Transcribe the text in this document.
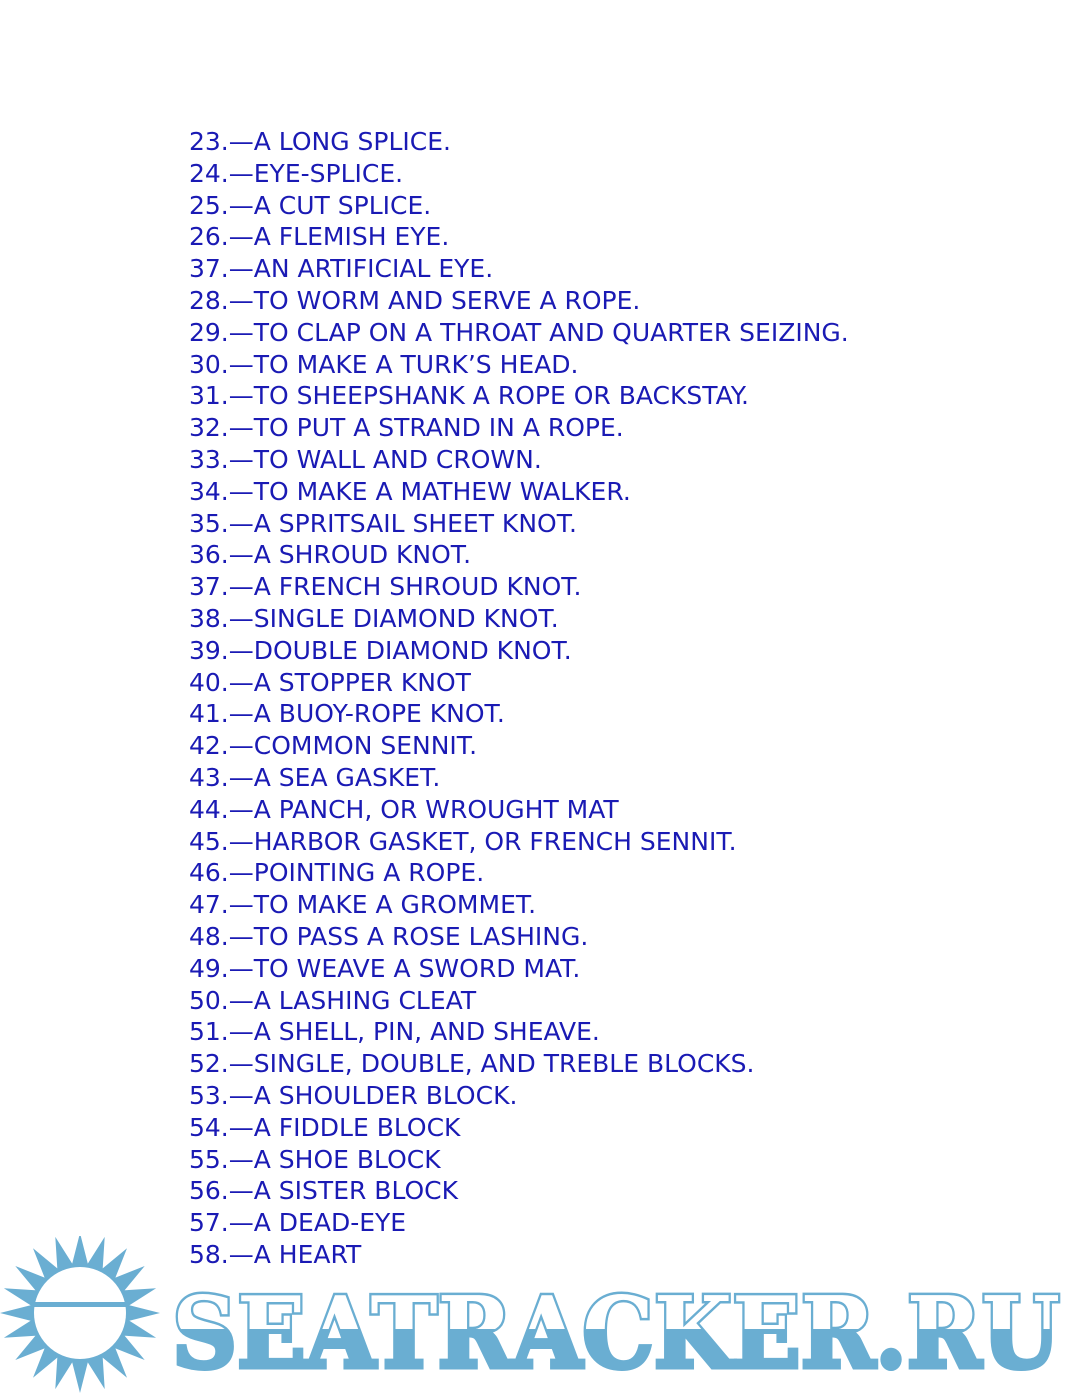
23.—A LONG SPLICE.
24.—EYE-SPLICE.
25.—A CUT SPLICE.
26.—A FLEMISH EYE.
37.—AN ARTIFICIAL EYE.
28.—TO WORM AND SERVE A ROPE.
29.—TO CLAP ON A THROAT AND QUARTER SEIZING.
30.—TO MAKE A TURK’S HEAD.
31.—TO SHEEPSHANK A ROPE OR BACKSTAY.
32.—TO PUT A STRAND IN A ROPE.
33.—TO WALL AND CROWN.
34.—TO MAKE A MATHEW WALKER.
35.—A SPRITSAIL SHEET KNOT.
36.—A SHROUD KNOT.
37.—A FRENCH SHROUD KNOT.
38.—SINGLE DIAMOND KNOT.
39.—DOUBLE DIAMOND KNOT.
40.—A STOPPER KNOT
41.—A BUOY-ROPE KNOT.
42.—COMMON SENNIT.
43.—A SEA GASKET.
44.—A PANCH, OR WROUGHT MAT
45.—HARBOR GASKET, OR FRENCH SENNIT.
46.—POINTING A ROPE.
47.—TO MAKE A GROMMET.
48.—TO PASS A ROSE LASHING.
49.—TO WEAVE A SWORD MAT.
50.—A LASHING CLEAT
51.—A SHELL, PIN, AND SHEAVE.
52.—SINGLE, DOUBLE, AND TREBLE BLOCKS.
53.—A SHOULDER BLOCK.
54.—A FIDDLE BLOCK
55.—A SHOE BLOCK
56.—A SISTER BLOCK
57.—A DEAD-EYE
58.—A HEART
SEATRACKER.RU
